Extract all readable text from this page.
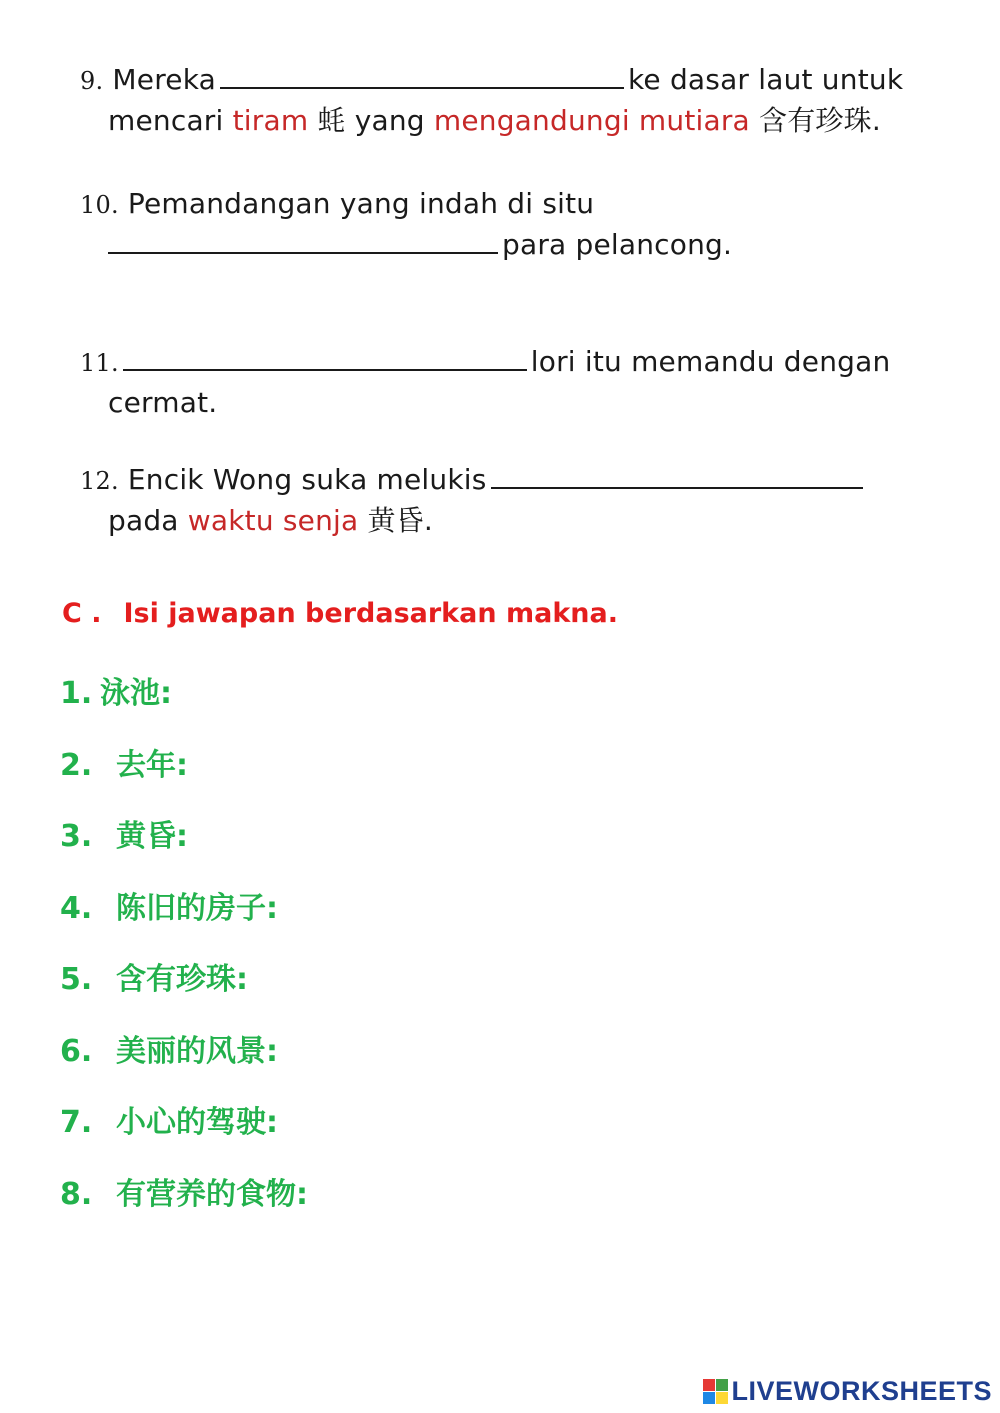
9. Mereka	ke dasar laut untuk
mencari tiram 蚝 yang mengandungi mutiara 含有珍珠.
10. Pemandangan yang indah di situ
para pelancong.
11.	lori itu memandu dengan
cermat.
12. Encik Wong suka melukis
pada waktu senja 黄昏.
C . Isi jawapan berdasarkan makna.
1. 泳池:
2. 去年:
3. 黄昏:
4. 陈旧的房子:
5. 含有珍珠:
6. 美丽的风景:
7. 小心的驾驶:
8. 有营养的食物:
LIVEWORKSHEETS
